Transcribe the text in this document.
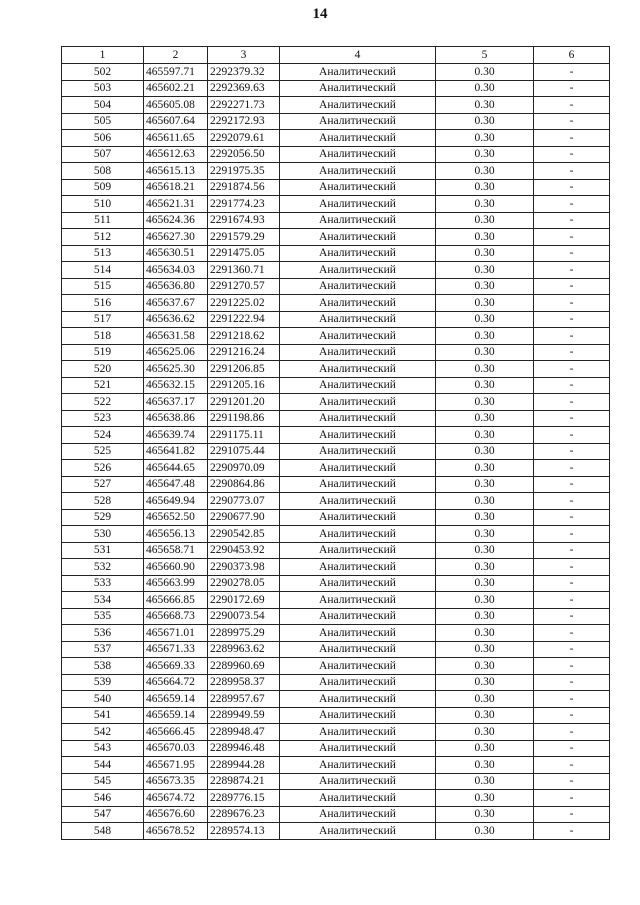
14
1	2	3	4	5	6
502	465597.71	2292379.32	Аналитический	0.30	-
503	465602.21	2292369.63	Аналитический	0.30	-
504	465605.08	2292271.73	Аналитический	0.30	-
505	465607.64	2292172.93	Аналитический	0.30	-
506	465611.65	2292079.61	Аналитический	0.30	-
507	465612.63	2292056.50	Аналитический	0.30	-
508	465615.13	2291975.35	Аналитический	0.30	-
509	465618.21	2291874.56	Аналитический	0.30	-
510	465621.31	2291774.23	Аналитический	0.30	-
511	465624.36	2291674.93	Аналитический	0.30	-
512	465627.30	2291579.29	Аналитический	0.30	-
513	465630.51	2291475.05	Аналитический	0.30	-
514	465634.03	2291360.71	Аналитический	0.30	-
515	465636.80	2291270.57	Аналитический	0.30	-
516	465637.67	2291225.02	Аналитический	0.30	-
517	465636.62	2291222.94	Аналитический	0.30	-
518	465631.58	2291218.62	Аналитический	0.30	-
519	465625.06	2291216.24	Аналитический	0.30	-
520	465625.30	2291206.85	Аналитический	0.30	-
521	465632.15	2291205.16	Аналитический	0.30	-
522	465637.17	2291201.20	Аналитический	0.30	-
523	465638.86	2291198.86	Аналитический	0.30	-
524	465639.74	2291175.11	Аналитический	0.30	-
525	465641.82	2291075.44	Аналитический	0.30	-
526	465644.65	2290970.09	Аналитический	0.30	-
527	465647.48	2290864.86	Аналитический	0.30	-
528	465649.94	2290773.07	Аналитический	0.30	-
529	465652.50	2290677.90	Аналитический	0.30	-
530	465656.13	2290542.85	Аналитический	0.30	-
531	465658.71	2290453.92	Аналитический	0.30	-
532	465660.90	2290373.98	Аналитический	0.30	-
533	465663.99	2290278.05	Аналитический	0.30	-
534	465666.85	2290172.69	Аналитический	0.30	-
535	465668.73	2290073.54	Аналитический	0.30	-
536	465671.01	2289975.29	Аналитический	0.30	-
537	465671.33	2289963.62	Аналитический	0.30	-
538	465669.33	2289960.69	Аналитический	0.30	-
539	465664.72	2289958.37	Аналитический	0.30	-
540	465659.14	2289957.67	Аналитический	0.30	-
541	465659.14	2289949.59	Аналитический	0.30	-
542	465666.45	2289948.47	Аналитический	0.30	-
543	465670.03	2289946.48	Аналитический	0.30	-
544	465671.95	2289944.28	Аналитический	0.30	-
545	465673.35	2289874.21	Аналитический	0.30	-
546	465674.72	2289776.15	Аналитический	0.30	-
547	465676.60	2289676.23	Аналитический	0.30	-
548	465678.52	2289574.13	Аналитический	0.30	-
